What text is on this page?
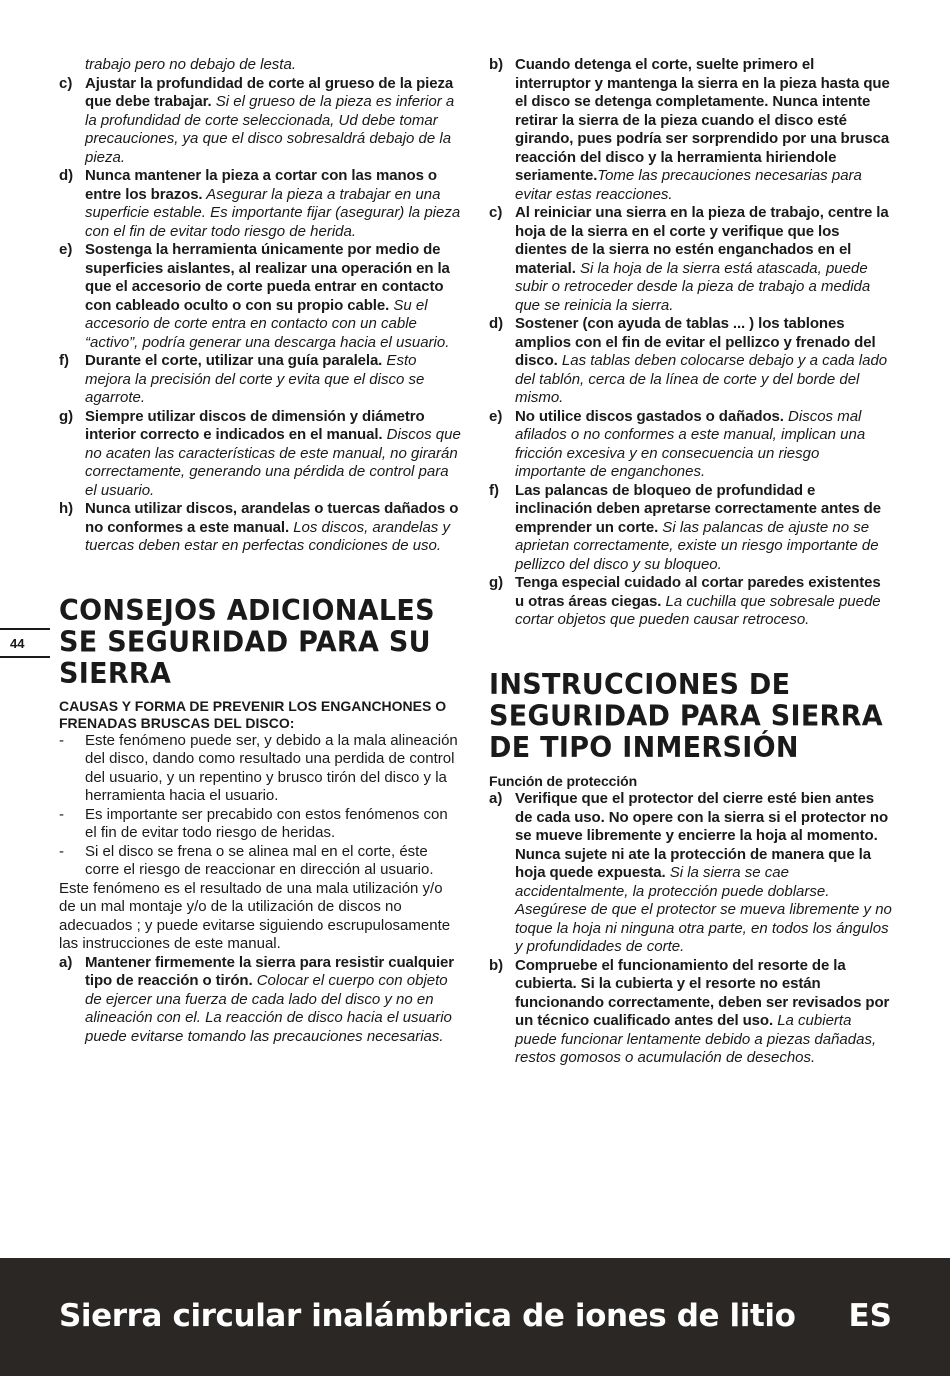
trabajo pero no debajo de lesta.
c) Ajustar la profundidad de corte al grueso de la pieza que debe trabajar. Si el grueso de la pieza es inferior a la profundidad de corte seleccionada, Ud debe tomar precauciones, ya que el disco sobresaldrá debajo de la pieza.
d) Nunca mantener la pieza a cortar con las manos o entre los brazos. Asegurar la pieza a trabajar en una superficie estable. Es importante fijar (asegurar) la pieza con el fin de evitar todo riesgo de herida.
e) Sostenga la herramienta únicamente por medio de superficies aislantes, al realizar una operación en la que el accesorio de corte pueda entrar en contacto con cableado oculto o con su propio cable. Su el accesorio de corte entra en contacto con un cable “activo”, podría generar una descarga hacia el usuario.
f) Durante el corte, utilizar una guía paralela. Esto mejora la precisión del corte y evita que el disco se agarrote.
g) Siempre utilizar discos de dimensión y diámetro interior correcto e indicados en el manual. Discos que no acaten las características de este manual, no girarán correctamente, generando una pérdida de control para el usuario.
h) Nunca utilizar discos, arandelas o tuercas dañados o no conformes a este manual. Los discos, arandelas y tuercas deben estar en perfectas condiciones de uso.
CONSEJOS ADICIONALES SE SEGURIDAD PARA SU SIERRA
CAUSAS Y FORMA DE PREVENIR LOS ENGANCHONES O FRENADAS BRUSCAS DEL DISCO:
- Este fenómeno puede ser, y debido a la mala alineación del disco, dando como resultado una perdida de control del usuario, y un repentino y brusco tirón del disco y la herramienta hacia el usuario.
- Es importante ser precabido con estos fenómenos con el fin de evitar todo riesgo de heridas.
- Si el disco se frena o se alinea mal en el corte, éste corre el riesgo de reaccionar en dirección al usuario.
Este fenómeno es el resultado de una mala utilización y/o de un mal montaje y/o de la utilización de discos no adecuados ; y puede evitarse siguiendo escrupulosamente las instrucciones de este manual.
a) Mantener firmemente la sierra para resistir cualquier tipo de reacción o tirón. Colocar el cuerpo con objeto de ejercer una fuerza de cada lado del disco y no en alineación con el. La reacción de disco hacia el usuario puede evitarse tomando las precauciones necesarias.
44
b) Cuando detenga el corte, suelte primero el interruptor y mantenga la sierra en la pieza hasta que el disco se detenga completamente. Nunca intente retirar la sierra de la pieza cuando el disco esté girando, pues podría ser sorprendido por una brusca reacción del disco y la herramienta hiriendole seriamente.Tome las precauciones necesarias para evitar estas reacciones.
c) Al reiniciar una sierra en la pieza de trabajo, centre la hoja de la sierra en el corte y verifique que los dientes de la sierra no estén enganchados en el material. Si la hoja de la sierra está atascada, puede subir o retroceder desde la pieza de trabajo a medida que se reinicia la sierra.
d) Sostener (con ayuda de tablas ... ) los tablones amplios con el fin de evitar el pellizco y frenado del disco. Las tablas deben colocarse debajo y a cada lado del tablón, cerca de la línea de corte y del borde del mismo.
e) No utilice discos gastados o dañados. Discos mal afilados o no conformes a este manual, implican una fricción excesiva y en consecuencia un riesgo importante de enganchones.
f) Las palancas de bloqueo de profundidad e inclinación deben apretarse correctamente antes de emprender un corte. Si las palancas de ajuste no se aprietan correctamente, existe un riesgo importante de pellizco del disco y su bloqueo.
g) Tenga especial cuidado al cortar paredes existentes u otras áreas ciegas. La cuchilla que sobresale puede cortar objetos que pueden causar retroceso.
INSTRUCCIONES DE SEGURIDAD PARA SIERRA DE TIPO INMERSIÓN
Función de protección
a) Verifique que el protector del cierre esté bien antes de cada uso. No opere con la sierra si el protector no se mueve libremente y encierre la hoja al momento. Nunca sujete ni ate la protección de manera que la hoja quede expuesta. Si la sierra se cae accidentalmente, la protección puede doblarse. Asegúrese de que el protector se mueva libremente y no toque la hoja ni ninguna otra parte, en todos los ángulos y profundidades de corte.
b) Compruebe el funcionamiento del resorte de la cubierta. Si la cubierta y el resorte no están funcionando correctamente, deben ser revisados por un técnico cualificado antes del uso. La cubierta puede funcionar lentamente debido a piezas dañadas, restos gomosos o acumulación de desechos.
Sierra circular inalámbrica de iones de litio ES
